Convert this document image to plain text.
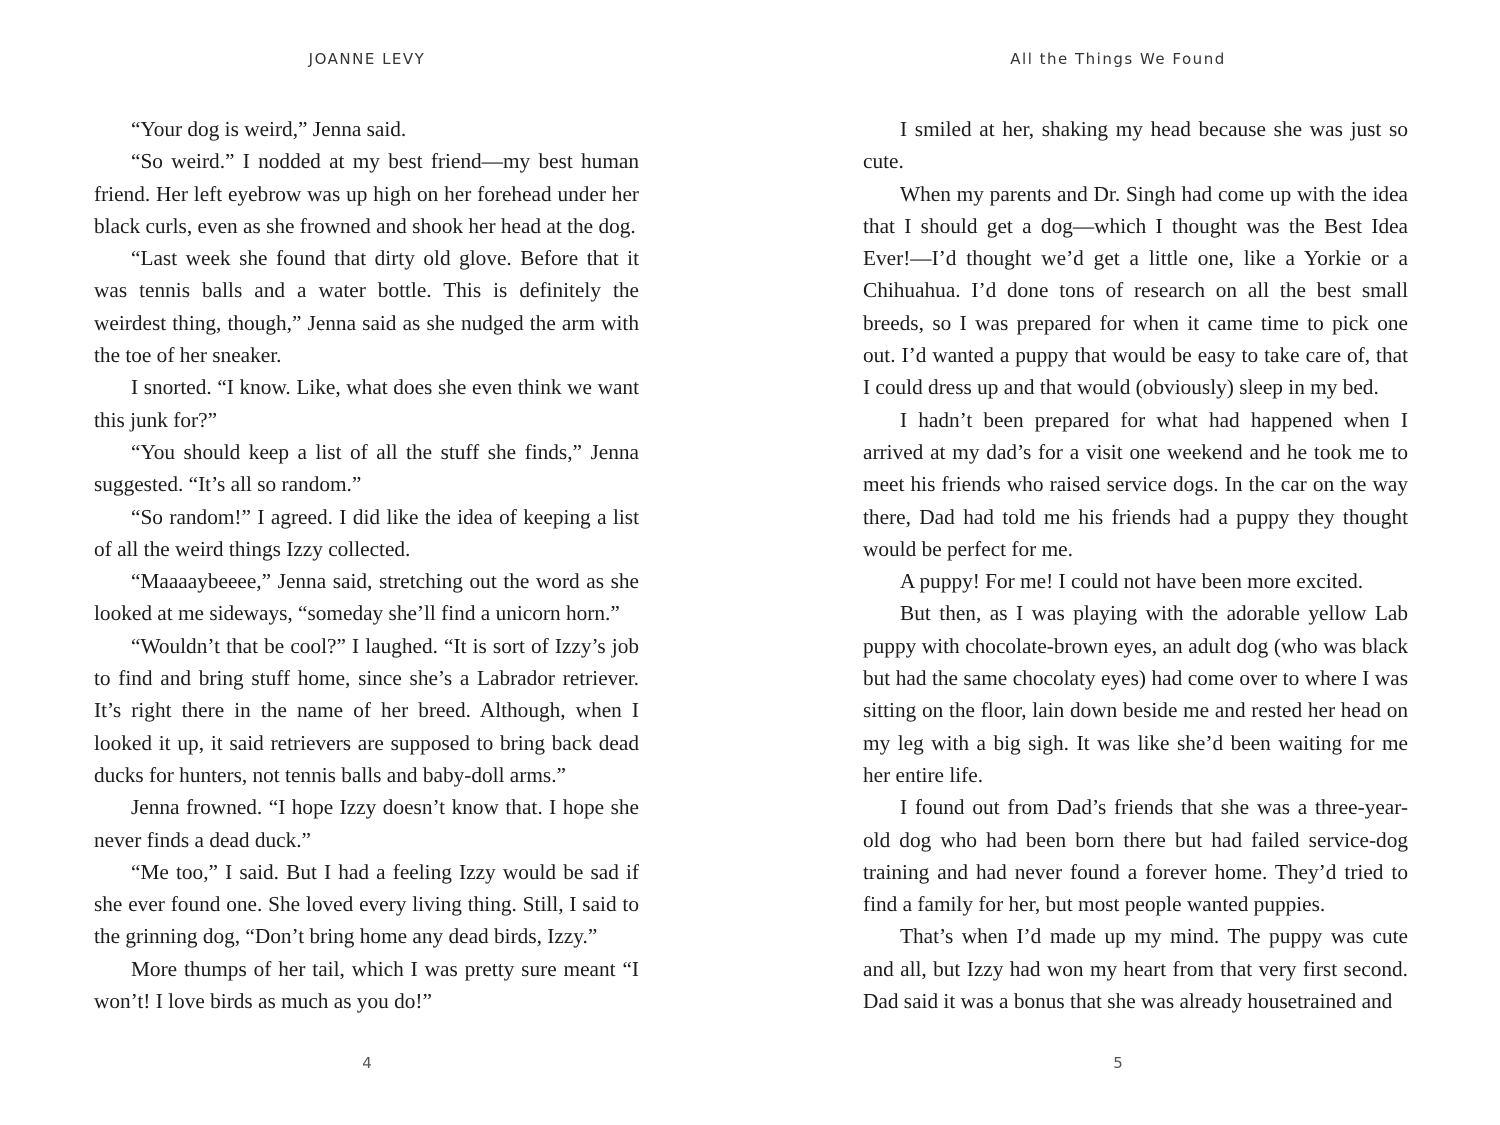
JOANNE LEVY

“Your dog is weird,” Jenna said.

“So weird.” I nodded at my best friend—my best human friend. Her left eyebrow was up high on her forehead under her black curls, even as she frowned and shook her head at the dog.

“Last week she found that dirty old glove. Before that it was tennis balls and a water bottle. This is definitely the weirdest thing, though,” Jenna said as she nudged the arm with the toe of her sneaker.

I snorted. “I know. Like, what does she even think we want this junk for?”

“You should keep a list of all the stuff she finds,” Jenna suggested. “It’s all so random.”

“So random!” I agreed. I did like the idea of keeping a list of all the weird things Izzy collected.

“Maaaaybeeee,” Jenna said, stretching out the word as she looked at me sideways, “someday she’ll find a unicorn horn.”

“Wouldn’t that be cool?” I laughed. “It is sort of Izzy’s job to find and bring stuff home, since she’s a Labrador retriever. It’s right there in the name of her breed. Although, when I looked it up, it said retrievers are supposed to bring back dead ducks for hunters, not tennis balls and baby-doll arms.”

Jenna frowned. “I hope Izzy doesn’t know that. I hope she never finds a dead duck.”

“Me too,” I said. But I had a feeling Izzy would be sad if she ever found one. She loved every living thing. Still, I said to the grinning dog, “Don’t bring home any dead birds, Izzy.”

More thumps of her tail, which I was pretty sure meant “I won’t! I love birds as much as you do!”

4
All the Things We Found

I smiled at her, shaking my head because she was just so cute.

When my parents and Dr. Singh had come up with the idea that I should get a dog—which I thought was the Best Idea Ever!—I’d thought we’d get a little one, like a Yorkie or a Chihuahua. I’d done tons of research on all the best small breeds, so I was prepared for when it came time to pick one out. I’d wanted a puppy that would be easy to take care of, that I could dress up and that would (obviously) sleep in my bed.

I hadn’t been prepared for what had happened when I arrived at my dad’s for a visit one weekend and he took me to meet his friends who raised service dogs. In the car on the way there, Dad had told me his friends had a puppy they thought would be perfect for me.

A puppy! For me! I could not have been more excited.

But then, as I was playing with the adorable yellow Lab puppy with chocolate-brown eyes, an adult dog (who was black but had the same chocolaty eyes) had come over to where I was sitting on the floor, lain down beside me and rested her head on my leg with a big sigh. It was like she’d been waiting for me her entire life.

I found out from Dad’s friends that she was a three-year-old dog who had been born there but had failed service-dog training and had never found a forever home. They’d tried to find a family for her, but most people wanted puppies.

That’s when I’d made up my mind. The puppy was cute and all, but Izzy had won my heart from that very first second. Dad said it was a bonus that she was already housetrained and

5
